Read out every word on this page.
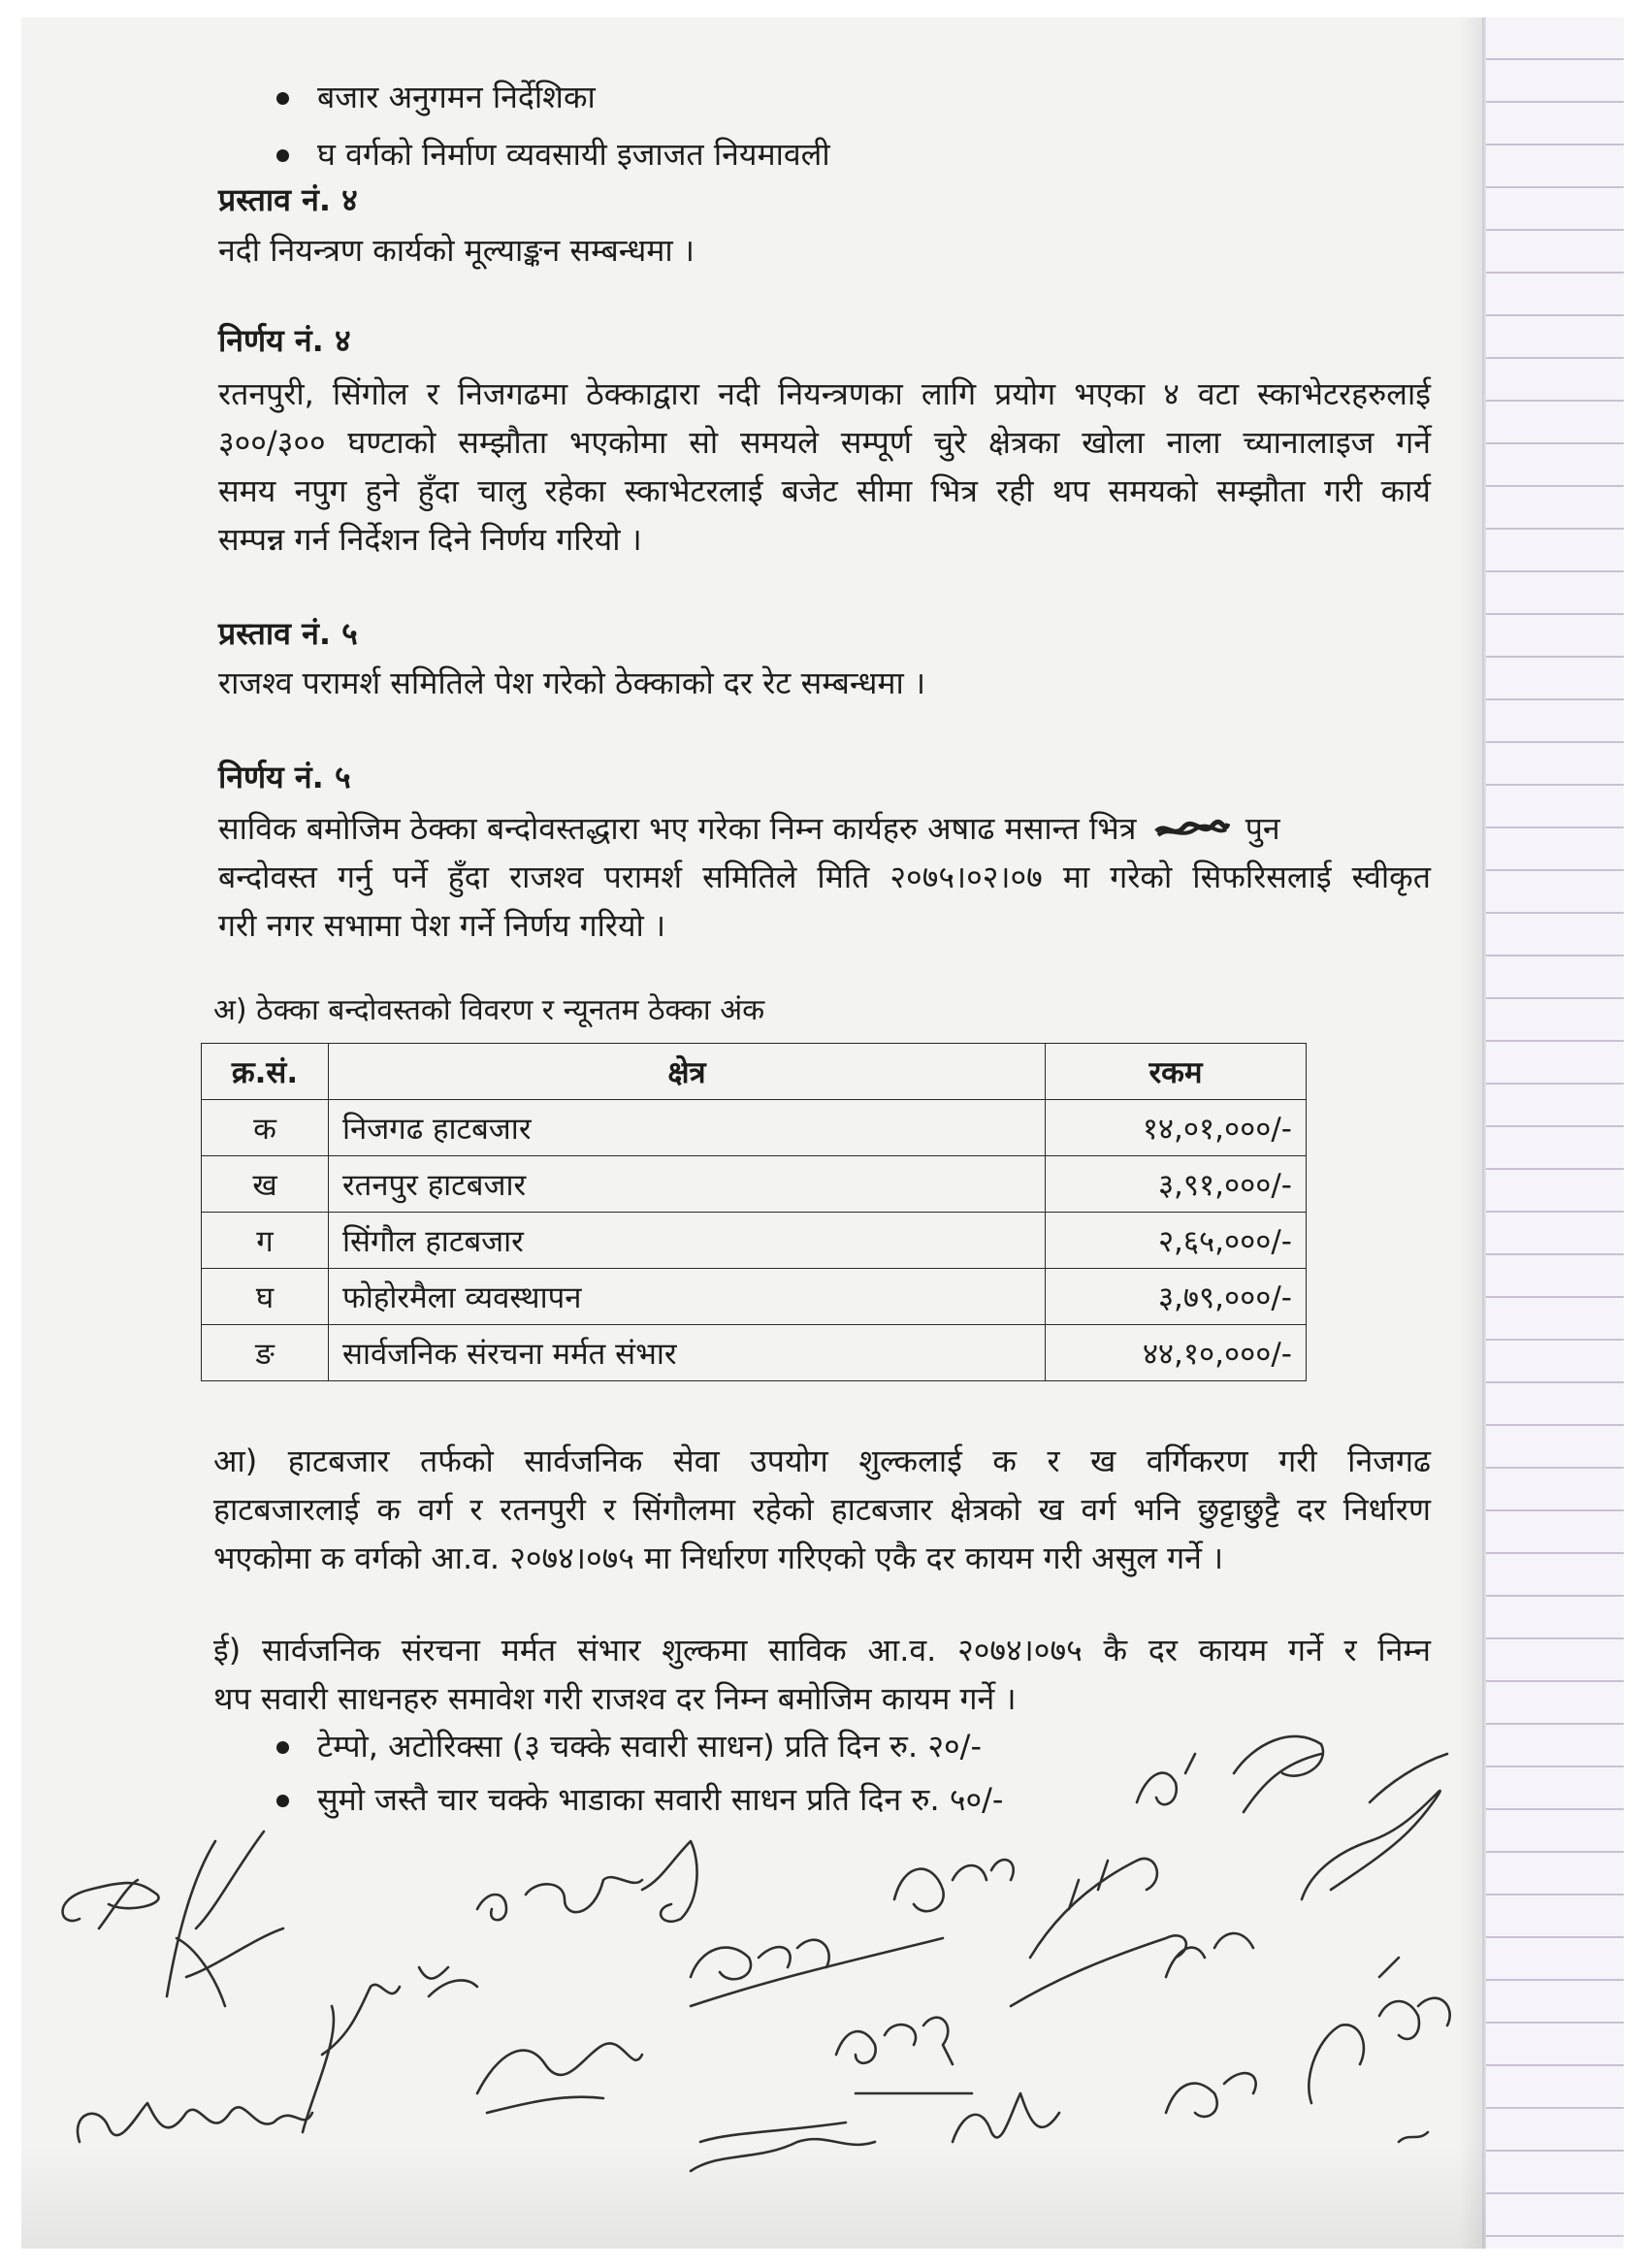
बजार अनुगमन निर्देशिका
घ वर्गको निर्माण व्यवसायी इजाजत नियमावली
प्रस्ताव नं. ४
नदी नियन्त्रण कार्यको मूल्याङ्कन सम्बन्धमा ।
निर्णय नं. ४
रतनपुरी, सिंगोल र निजगढमा ठेक्काद्वारा नदी नियन्त्रणका लागि प्रयोग भएका ४ वटा स्काभेटरहरुलाई
३००/३०० घण्टाको सम्झौता भएकोमा सो समयले सम्पूर्ण चुरे क्षेत्रका खोला नाला च्यानालाइज गर्ने
समय नपुग हुने हुँदा चालु रहेका स्काभेटरलाई बजेट सीमा भित्र रही थप समयको सम्झौता गरी कार्य
सम्पन्न गर्न निर्देशन दिने निर्णय गरियो ।
प्रस्ताव नं. ५
राजश्व परामर्श समितिले पेश गरेको ठेक्काको दर रेट सम्बन्धमा ।
निर्णय नं. ५
साविक बमोजिम ठेक्का बन्दोवस्तद्धारा भए गरेका निम्न कार्यहरु अषाढ मसान्त भित्र	पुन
बन्दोवस्त गर्नु पर्ने हुँदा राजश्व परामर्श समितिले मिति २०७५।०२।०७ मा गरेको सिफरिसलाई स्वीकृत
गरी नगर सभामा पेश गर्ने निर्णय गरियो ।
अ) ठेक्का बन्दोवस्तको विवरण र न्यूनतम ठेक्का अंक
क्र.सं.	क्षेत्र	रकम
क	निजगढ हाटबजार	१४,०१,०००/-
ख	रतनपुर हाटबजार	३,९१,०००/-
ग	सिंगौल हाटबजार	२,६५,०००/-
घ	फोहोरमैला व्यवस्थापन	३,७९,०००/-
ङ	सार्वजनिक संरचना मर्मत संभार	४४,१०,०००/-
आ) हाटबजार तर्फको सार्वजनिक सेवा उपयोग शुल्कलाई क र ख वर्गिकरण गरी निजगढ
हाटबजारलाई क वर्ग र रतनपुरी र सिंगौलमा रहेको हाटबजार क्षेत्रको ख वर्ग भनि छुट्टाछुट्टै दर निर्धारण
भएकोमा क वर्गको आ.व. २०७४।०७५ मा निर्धारण गरिएको एकै दर कायम गरी असुल गर्ने ।
ई) सार्वजनिक संरचना मर्मत संभार शुल्कमा साविक आ.व. २०७४।०७५ कै दर कायम गर्ने र निम्न
थप सवारी साधनहरु समावेश गरी राजश्व दर निम्न बमोजिम कायम गर्ने ।
टेम्पो, अटोरिक्सा (३ चक्के सवारी साधन) प्रति दिन रु. २०/-
सुमो जस्तै चार चक्के भाडाका सवारी साधन प्रति दिन रु. ५०/-
